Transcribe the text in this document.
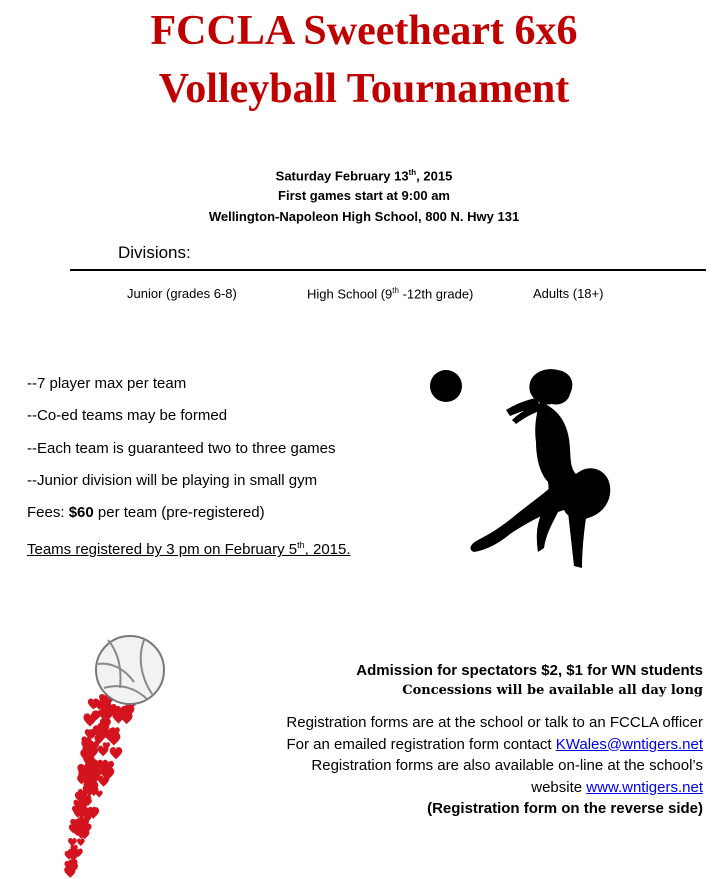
FCCLA Sweetheart 6x6
Volleyball Tournament
Saturday February 13th, 2015
First games start at 9:00 am
Wellington-Napoleon High School, 800 N. Hwy 131
Divisions:
Junior (grades 6-8)	High School (9th -12th grade)	Adults (18+)
--7 player max per team
--Co-ed teams may be formed
--Each team is guaranteed two to three games
--Junior division will be playing in small gym
Fees: $60 per team (pre-registered)
Teams registered by 3 pm on February 5th, 2015.
Admission for spectators $2, $1 for WN students
Concessions will be available all day long
Registration forms are at the school or talk to an FCCLA officer
For an emailed registration form contact KWales@wntigers.net
Registration forms are also available on-line at the school’s
website www.wntigers.net
(Registration form on the reverse side)
